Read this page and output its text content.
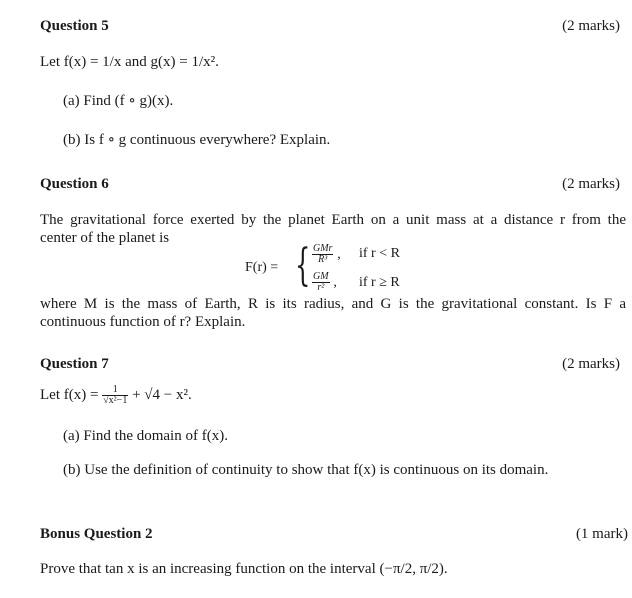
Question 5	(2 marks)
Let f(x) = 1/x and g(x) = 1/x².
(a) Find (f ∘ g)(x).
(b) Is f ∘ g continuous everywhere? Explain.
Question 6	(2 marks)
The gravitational force exerted by the planet Earth on a unit mass at a distance r from the
center of the planet is
F(r) = { $\frac{\text{GMr}}{\text{R³}}$ , if r < R
$\frac{GM}{\text{r²}}$ , if r ≥ R
where M is the mass of Earth, R is its radius, and G is the gravitational constant. Is F a
continuous function of r? Explain.
Question 7	(2 marks)
Let $f(x) = \frac{1}{\text{√x²−1}} + √4 - x^2$.
(a) Find the domain of f(x).
(b) Use the definition of continuity to show that f(x) is continuous on its domain.
Bonus Question 2	(1 mark)
Prove that tan x is an increasing function on the interval (−π/2, π/2).
